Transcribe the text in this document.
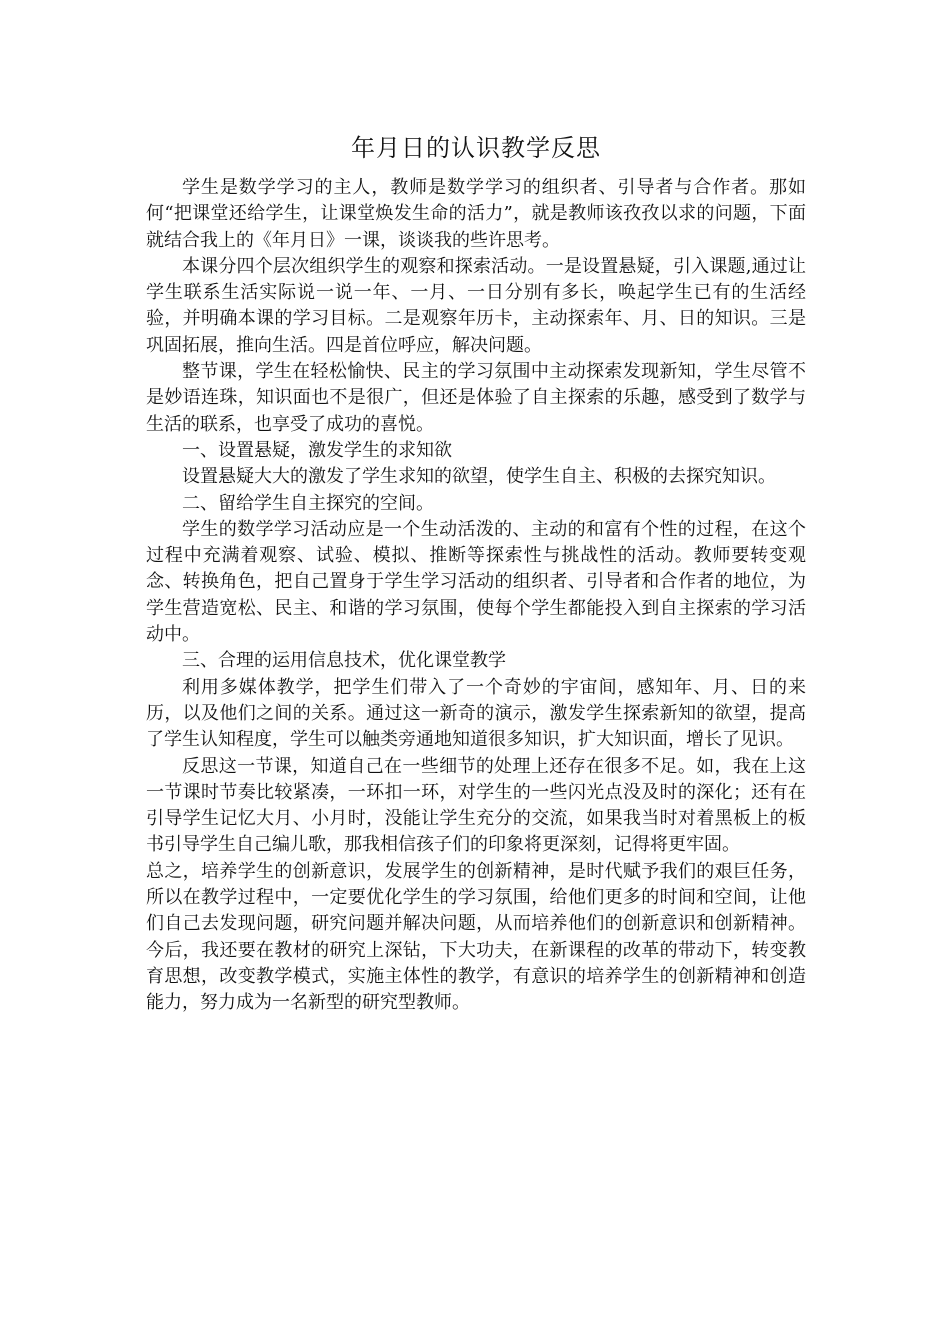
年月日的认识教学反思

学生是数学学习的主人，教师是数学学习的组织者、引导者与合作者。那如何“把课堂还给学生，让课堂焕发生命的活力”，就是教师该孜孜以求的问题，下面就结合我上的《年月日》一课，谈谈我的些许思考。

本课分四个层次组织学生的观察和探索活动。一是设置悬疑，引入课题,通过让学生联系生活实际说一说一年、一月、一日分别有多长，唤起学生已有的生活经验，并明确本课的学习目标。二是观察年历卡，主动探索年、月、日的知识。三是巩固拓展，推向生活。四是首位呼应，解决问题。

整节课，学生在轻松愉快、民主的学习氛围中主动探索发现新知，学生尽管不是妙语连珠，知识面也不是很广，但还是体验了自主探索的乐趣，感受到了数学与生活的联系，也享受了成功的喜悦。

一、设置悬疑，激发学生的求知欲

设置悬疑大大的激发了学生求知的欲望，使学生自主、积极的去探究知识。

二、留给学生自主探究的空间。

学生的数学学习活动应是一个生动活泼的、主动的和富有个性的过程，在这个过程中充满着观察、试验、模拟、推断等探索性与挑战性的活动。教师要转变观念、转换角色，把自己置身于学生学习活动的组织者、引导者和合作者的地位，为学生营造宽松、民主、和谐的学习氛围，使每个学生都能投入到自主探索的学习活动中。

三、合理的运用信息技术，优化课堂教学

利用多媒体教学，把学生们带入了一个奇妙的宇宙间，感知年、月、日的来历，以及他们之间的关系。通过这一新奇的演示，激发学生探索新知的欲望，提高了学生认知程度，学生可以触类旁通地知道很多知识，扩大知识面，增长了见识。

反思这一节课，知道自己在一些细节的处理上还存在很多不足。如，我在上这一节课时节奏比较紧凑，一环扣一环，对学生的一些闪光点没及时的深化；还有在引导学生记忆大月、小月时，没能让学生充分的交流，如果我当时对着黑板上的板书引导学生自己编儿歌，那我相信孩子们的印象将更深刻，记得将更牢固。

总之，培养学生的创新意识，发展学生的创新精神，是时代赋予我们的艰巨任务，所以在教学过程中，一定要优化学生的学习氛围，给他们更多的时间和空间，让他们自己去发现问题，研究问题并解决问题，从而培养他们的创新意识和创新精神。今后，我还要在教材的研究上深钻，下大功夫，在新课程的改革的带动下，转变教育思想，改变教学模式，实施主体性的教学，有意识的培养学生的创新精神和创造能力，努力成为一名新型的研究型教师。
